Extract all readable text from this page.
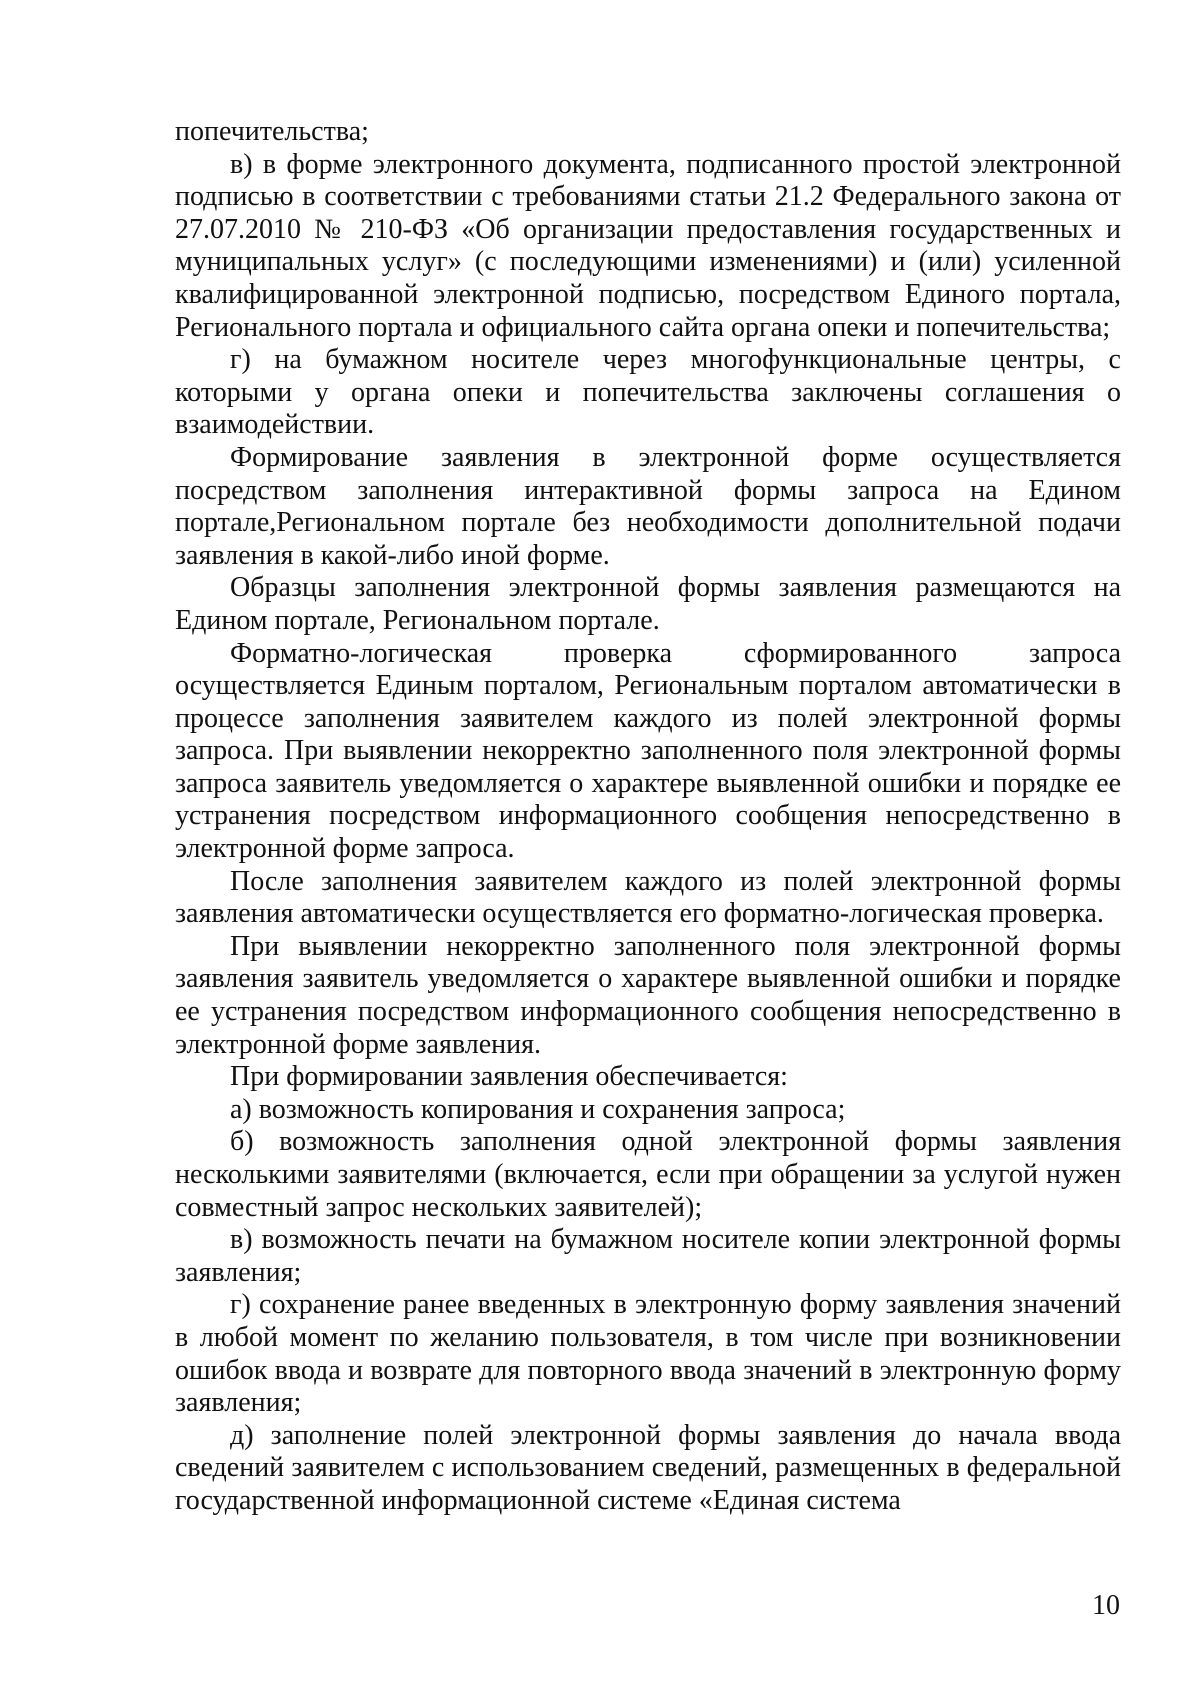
попечительства;

в) в форме электронного документа, подписанного простой электронной подписью в соответствии с требованиями статьи 21.2 Федерального закона от 27.07.2010 № 210-ФЗ «Об организации предоставления государственных и муниципальных услуг» (с последующими изменениями) и (или) усиленной квалифицированной электронной подписью, посредством Единого портала, Регионального портала и официального сайта органа опеки и попечительства;

г) на бумажном носителе через многофункциональные центры, с которыми у органа опеки и попечительства заключены соглашения о взаимодействии.

Формирование заявления в электронной форме осуществляется посредством заполнения интерактивной формы запроса на Едином портале,Региональном портале без необходимости дополнительной подачи заявления в какой-либо иной форме.

Образцы заполнения электронной формы заявления размещаются на Едином портале, Региональном портале.

Форматно-логическая проверка сформированного запроса осуществляется Единым порталом, Региональным порталом автоматически в процессе заполнения заявителем каждого из полей электронной формы запроса. При выявлении некорректно заполненного поля электронной формы запроса заявитель уведомляется о характере выявленной ошибки и порядке ее устранения посредством информационного сообщения непосредственно в электронной форме запроса.

После заполнения заявителем каждого из полей электронной формы заявления автоматически осуществляется его форматно-логическая проверка.

При выявлении некорректно заполненного поля электронной формы заявления заявитель уведомляется о характере выявленной ошибки и порядке ее устранения посредством информационного сообщения непосредственно в электронной форме заявления.

При формировании заявления обеспечивается:

а) возможность копирования и сохранения запроса;

б) возможность заполнения одной электронной формы заявления несколькими заявителями (включается, если при обращении за услугой нужен совместный запрос нескольких заявителей);

в) возможность печати на бумажном носителе копии электронной формы заявления;

г) сохранение ранее введенных в электронную форму заявления значений в любой момент по желанию пользователя, в том числе при возникновении ошибок ввода и возврате для повторного ввода значений в электронную форму заявления;

д) заполнение полей электронной формы заявления до начала ввода сведений заявителем с использованием сведений, размещенных в федеральной государственной информационной системе «Единая система

10
